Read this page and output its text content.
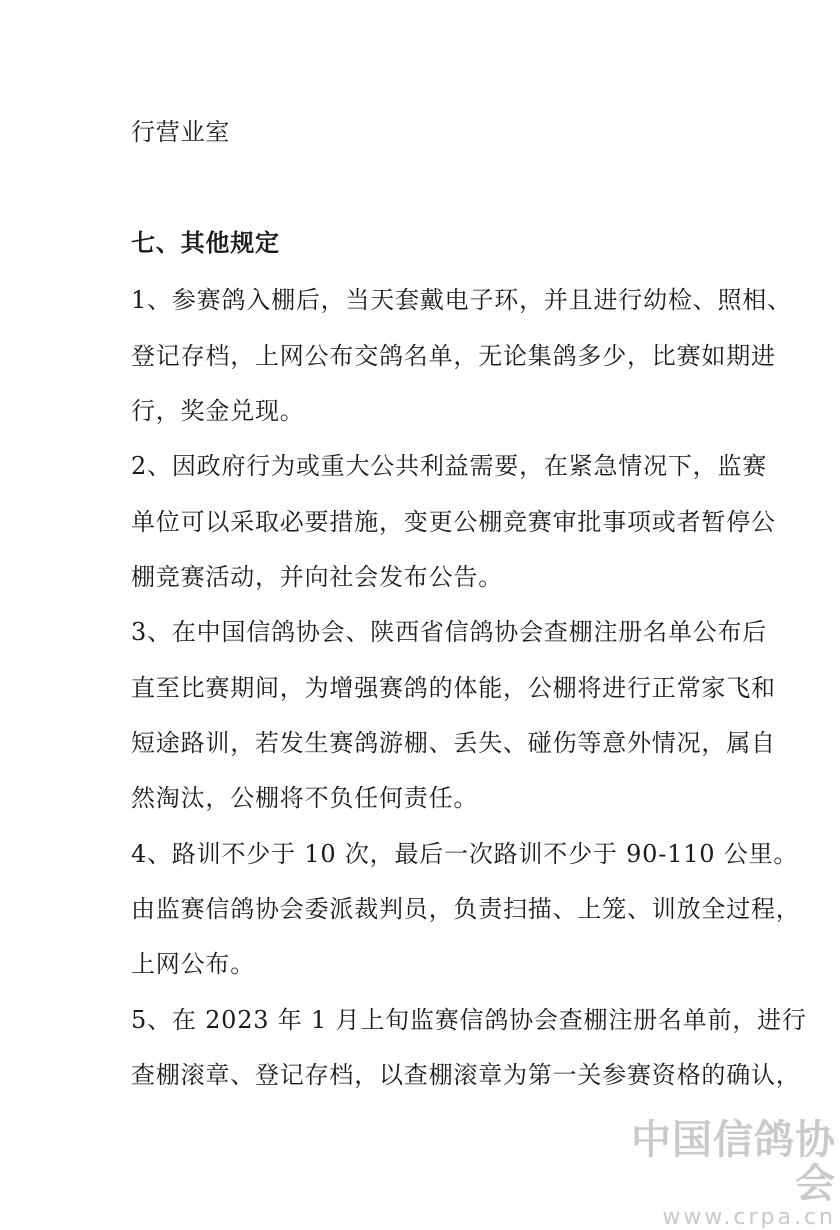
行营业室
七、其他规定
1、参赛鸽入棚后，当天套戴电子环，并且进行幼检、照相、
登记存档，上网公布交鸽名单，无论集鸽多少，比赛如期进
行，奖金兑现。
2、因政府行为或重大公共利益需要，在紧急情况下，监赛
单位可以采取必要措施，变更公棚竞赛审批事项或者暂停公
棚竞赛活动，并向社会发布公告。
3、在中国信鸽协会、陕西省信鸽协会查棚注册名单公布后
直至比赛期间，为增强赛鸽的体能，公棚将进行正常家飞和
短途路训，若发生赛鸽游棚、丢失、碰伤等意外情况，属自
然淘汰，公棚将不负任何责任。
4、路训不少于 10 次，最后一次路训不少于 90-110 公里。
由监赛信鸽协会委派裁判员，负责扫描、上笼、训放全过程，
上网公布。
5、在 2023 年 1 月上旬监赛信鸽协会查棚注册名单前，进行
查棚滚章、登记存档，以查棚滚章为第一关参赛资格的确认，
中国信鸽协会
www.crpa.cn
